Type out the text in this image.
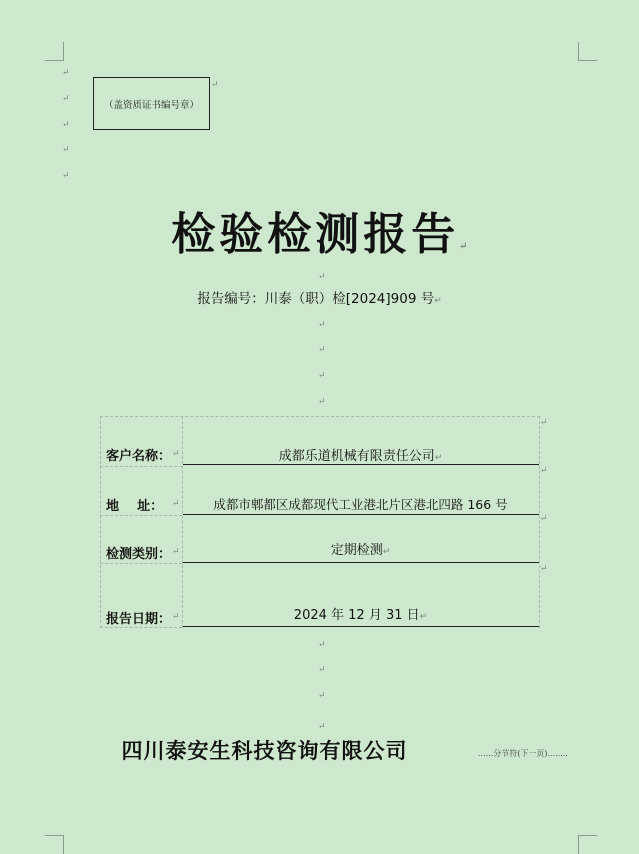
↵
↵
↵
↵
↵
（盖资质证书编号章）
↵
检验检测报告↵
↵
报告编号：川泰（职）检[2024]909 号↵
↵
↵
↵
↵
客户名称： ↵	成都乐道机械有限责任公司↵
↵
↵
地    址： ↵	成都市郫都区成都现代工业港北片区港北四路 166 号
↵
检测类别： ↵	定期检测↵
↵
报告日期： ↵	2024 年 12 月 31 日↵
↵
↵
↵
↵
四川泰安生科技咨询有限公司	......分节符(下一页)........
